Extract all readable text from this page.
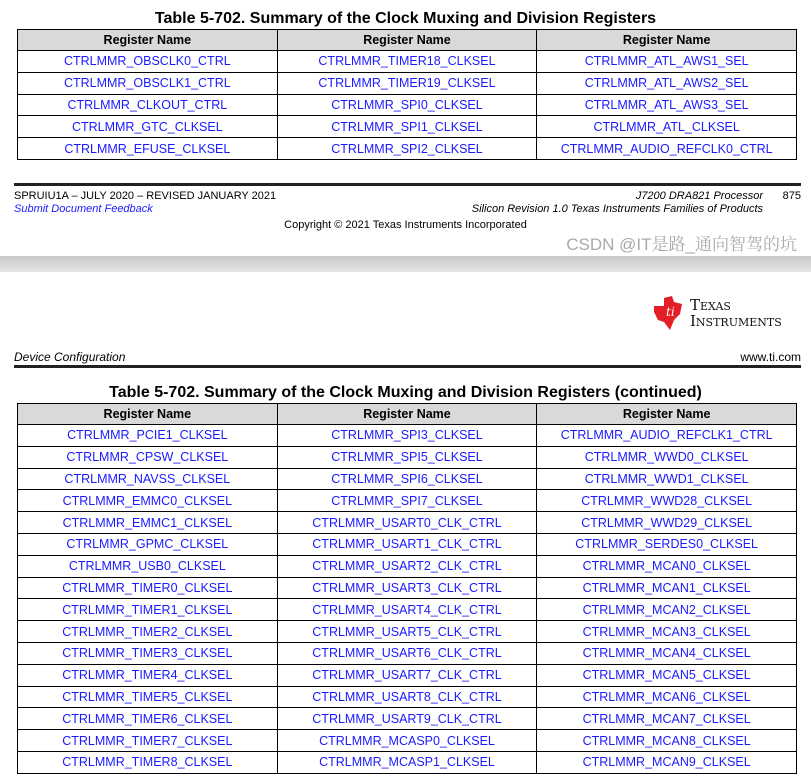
Table 5-702. Summary of the Clock Muxing and Division Registers
Register Name	Register Name	Register Name
CTRLMMR_OBSCLK0_CTRL	CTRLMMR_TIMER18_CLKSEL	CTRLMMR_ATL_AWS1_SEL
CTRLMMR_OBSCLK1_CTRL	CTRLMMR_TIMER19_CLKSEL	CTRLMMR_ATL_AWS2_SEL
CTRLMMR_CLKOUT_CTRL	CTRLMMR_SPI0_CLKSEL	CTRLMMR_ATL_AWS3_SEL
CTRLMMR_GTC_CLKSEL	CTRLMMR_SPI1_CLKSEL	CTRLMMR_ATL_CLKSEL
CTRLMMR_EFUSE_CLKSEL	CTRLMMR_SPI2_CLKSEL	CTRLMMR_AUDIO_REFCLK0_CTRL
SPRUIU1A – JULY 2020 – REVISED JANUARY 2021
Submit Document Feedback
J7200 DRA821 Processor 875
Silicon Revision 1.0 Texas Instruments Families of Products
Copyright © 2021 Texas Instruments Incorporated
CSDN @IT是路_通向智驾的坑
ti Texas
Instruments
Device Configuration	www.ti.com
Table 5-702. Summary of the Clock Muxing and Division Registers (continued)
Register Name	Register Name	Register Name
CTRLMMR_PCIE1_CLKSEL	CTRLMMR_SPI3_CLKSEL	CTRLMMR_AUDIO_REFCLK1_CTRL
CTRLMMR_CPSW_CLKSEL	CTRLMMR_SPI5_CLKSEL	CTRLMMR_WWD0_CLKSEL
CTRLMMR_NAVSS_CLKSEL	CTRLMMR_SPI6_CLKSEL	CTRLMMR_WWD1_CLKSEL
CTRLMMR_EMMC0_CLKSEL	CTRLMMR_SPI7_CLKSEL	CTRLMMR_WWD28_CLKSEL
CTRLMMR_EMMC1_CLKSEL	CTRLMMR_USART0_CLK_CTRL	CTRLMMR_WWD29_CLKSEL
CTRLMMR_GPMC_CLKSEL	CTRLMMR_USART1_CLK_CTRL	CTRLMMR_SERDES0_CLKSEL
CTRLMMR_USB0_CLKSEL	CTRLMMR_USART2_CLK_CTRL	CTRLMMR_MCAN0_CLKSEL
CTRLMMR_TIMER0_CLKSEL	CTRLMMR_USART3_CLK_CTRL	CTRLMMR_MCAN1_CLKSEL
CTRLMMR_TIMER1_CLKSEL	CTRLMMR_USART4_CLK_CTRL	CTRLMMR_MCAN2_CLKSEL
CTRLMMR_TIMER2_CLKSEL	CTRLMMR_USART5_CLK_CTRL	CTRLMMR_MCAN3_CLKSEL
CTRLMMR_TIMER3_CLKSEL	CTRLMMR_USART6_CLK_CTRL	CTRLMMR_MCAN4_CLKSEL
CTRLMMR_TIMER4_CLKSEL	CTRLMMR_USART7_CLK_CTRL	CTRLMMR_MCAN5_CLKSEL
CTRLMMR_TIMER5_CLKSEL	CTRLMMR_USART8_CLK_CTRL	CTRLMMR_MCAN6_CLKSEL
CTRLMMR_TIMER6_CLKSEL	CTRLMMR_USART9_CLK_CTRL	CTRLMMR_MCAN7_CLKSEL
CTRLMMR_TIMER7_CLKSEL	CTRLMMR_MCASP0_CLKSEL	CTRLMMR_MCAN8_CLKSEL
CTRLMMR_TIMER8_CLKSEL	CTRLMMR_MCASP1_CLKSEL	CTRLMMR_MCAN9_CLKSEL
